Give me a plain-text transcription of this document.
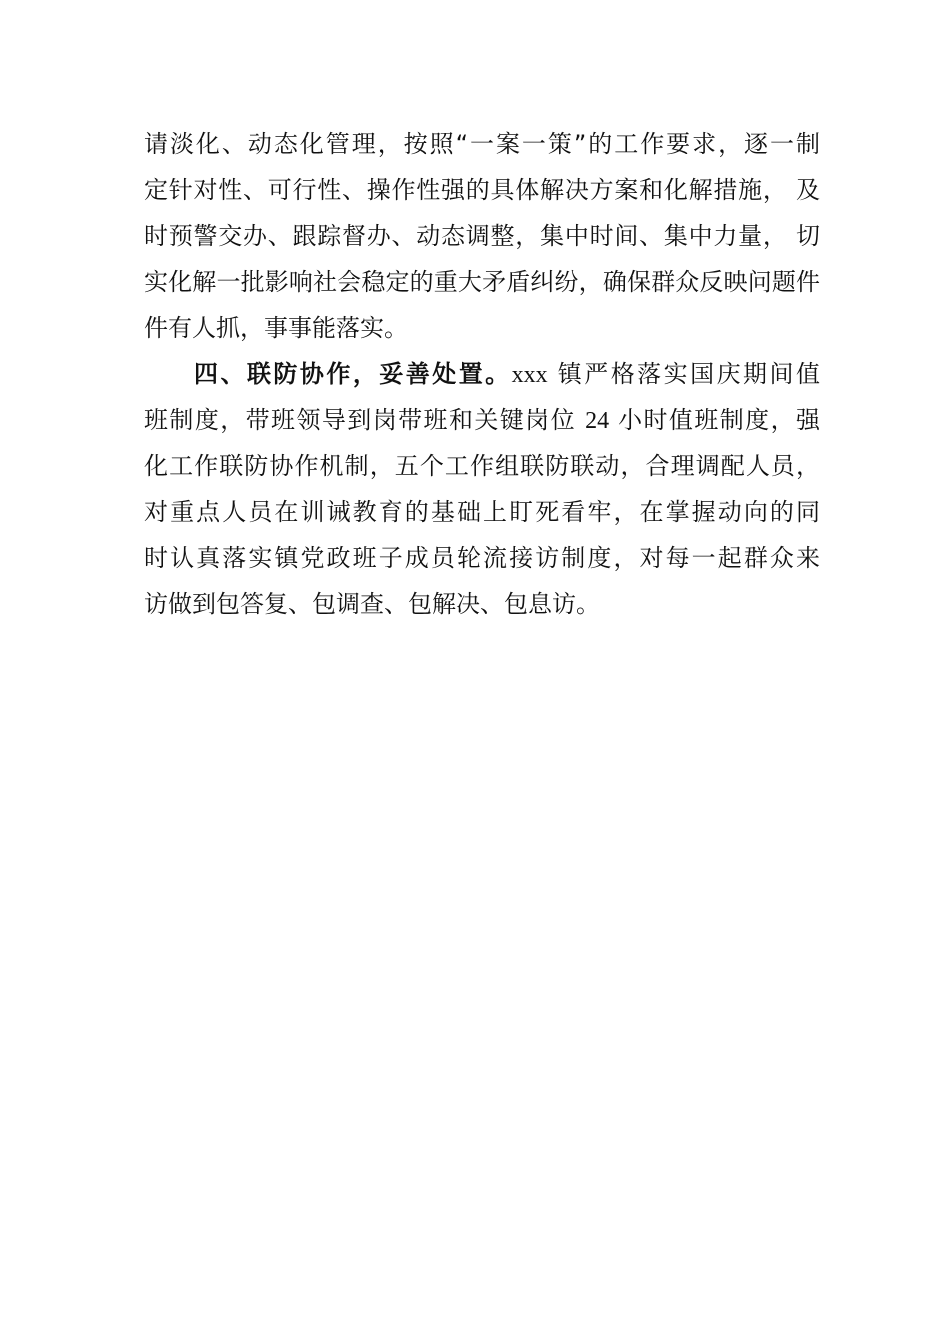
请淡化、动态化管理，按照“一案一策”的工作要求，逐一制
定针对性、可行性、操作性强的具体解决方案和化解措施， 及
时预警交办、跟踪督办、动态调整，集中时间、集中力量， 切
实化解一批影响社会稳定的重大矛盾纠纷，确保群众反映问题件
件有人抓，事事能落实。
四、联防协作，妥善处置。xxx 镇严格落实国庆期间值
班制度，带班领导到岗带班和关键岗位 24 小时值班制度，强
化工作联防协作机制，五个工作组联防联动，合理调配人员，
对重点人员在训诫教育的基础上盯死看牢，在掌握动向的同
时认真落实镇党政班子成员轮流接访制度，对每一起群众来
访做到包答复、包调查、包解决、包息访。
